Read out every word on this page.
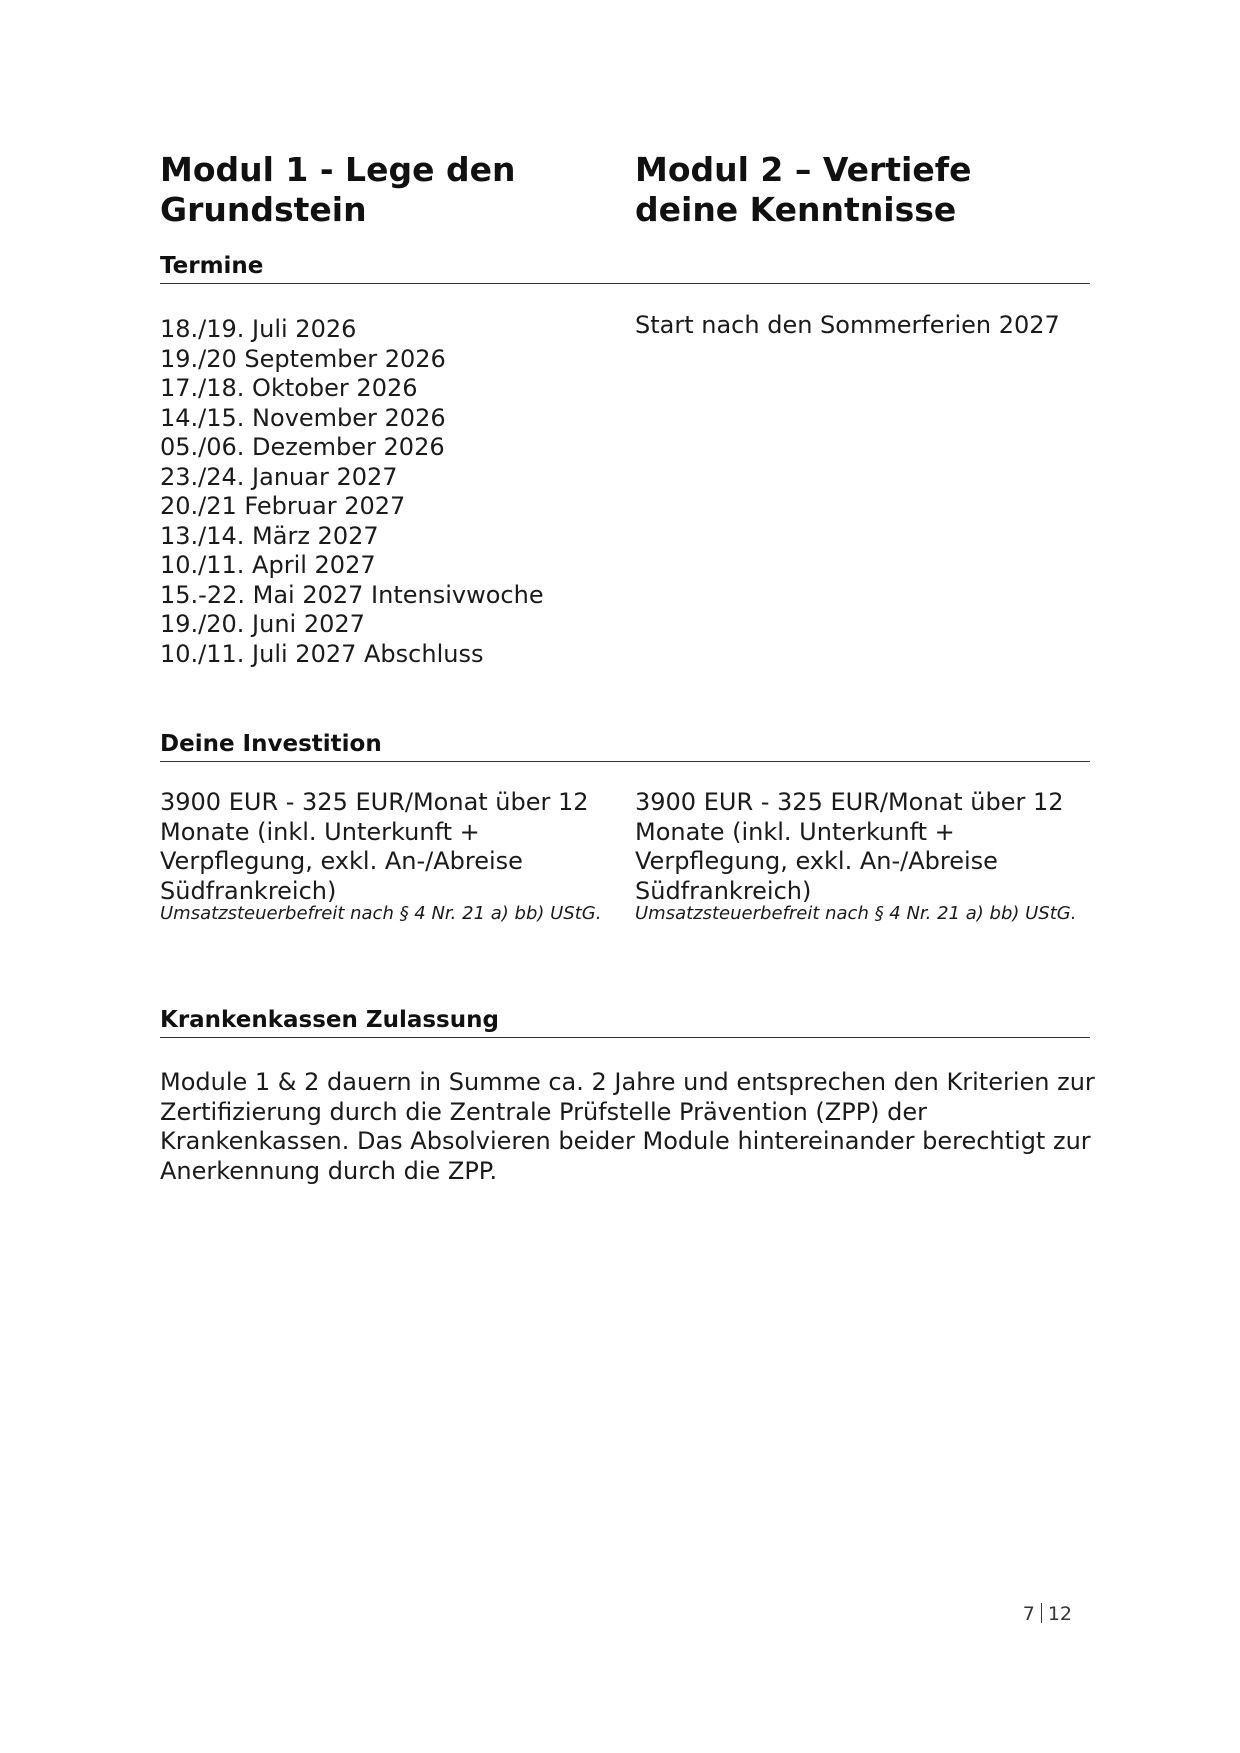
Modul 1 - Lege den Grundstein
Modul 2 – Vertiefe deine Kenntnisse
Termine
18./19. Juli 2026
19./20 September 2026
17./18. Oktober 2026
14./15. November 2026
05./06. Dezember 2026
23./24. Januar 2027
20./21 Februar 2027
13./14. März 2027
10./11. April 2027
15.-22. Mai 2027 Intensivwoche
19./20. Juni 2027
10./11. Juli 2027 Abschluss

Start nach den Sommerferien 2027

Deine Investition

3900 EUR - 325 EUR/Monat über 12 Monate (inkl. Unterkunft + Verpflegung, exkl. An-/Abreise Südfrankreich)

3900 EUR - 325 EUR/Monat über 12 Monate (inkl. Unterkunft + Verpflegung, exkl. An-/Abreise Südfrankreich)

Umsatzsteuerbefreit nach § 4 Nr. 21 a) bb) UStG. Umsatzsteuerbefreit nach § 4 Nr. 21 a) bb) UStG.

Krankenkassen Zulassung

Module 1 & 2 dauern in Summe ca. 2 Jahre und entsprechen den Kriterien zur Zertifizierung durch die Zentrale Prüfstelle Prävention (ZPP) der Krankenkassen. Das Absolvieren beider Module hintereinander berechtigt zur Anerkennung durch die ZPP.

7 12
